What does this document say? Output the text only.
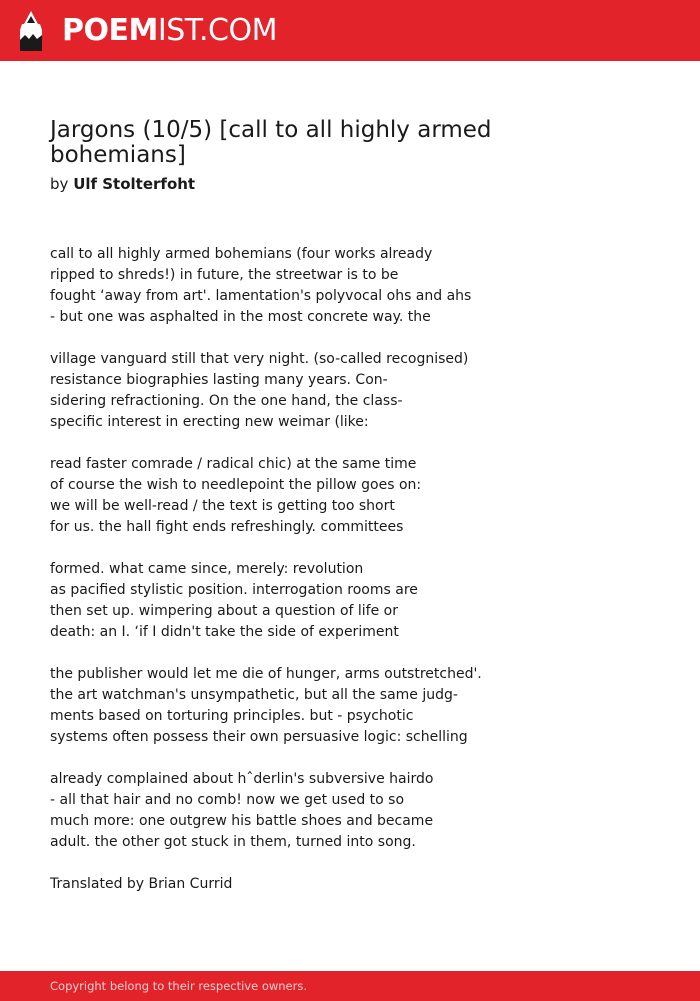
POEMIST.COM
Jargons (10/5) [call to all highly armed bohemians]
by Ulf Stolterfoht
call to all highly armed bohemians (four works already
ripped to shreds!) in future, the streetwar is to be
fought ‘away from art'. lamentation's polyvocal ohs and ahs
- but one was asphalted in the most concrete way. the
village vanguard still that very night. (so-called recognised)
resistance biographies lasting many years. Con-
sidering refractioning. On the one hand, the class-
specific interest in erecting new weimar (like:
read faster comrade / radical chic) at the same time
of course the wish to needlepoint the pillow goes on:
we will be well-read / the text is getting too short
for us. the hall fight ends refreshingly. committees
formed. what came since, merely: revolution
as pacified stylistic position. interrogation rooms are
then set up. wimpering about a question of life or
death: an I. ‘if I didn't take the side of experiment
the publisher would let me die of hunger, arms outstretched'.
the art watchman's unsympathetic, but all the same judg-
ments based on torturing principles. but - psychotic
systems often possess their own persuasive logic: schelling
already complained about hˆderlin's subversive hairdo
- all that hair and no comb! now we get used to so
much more: one outgrew his battle shoes and became
adult. the other got stuck in them, turned into song.
Translated by Brian Currid
Copyright belong to their respective owners.
